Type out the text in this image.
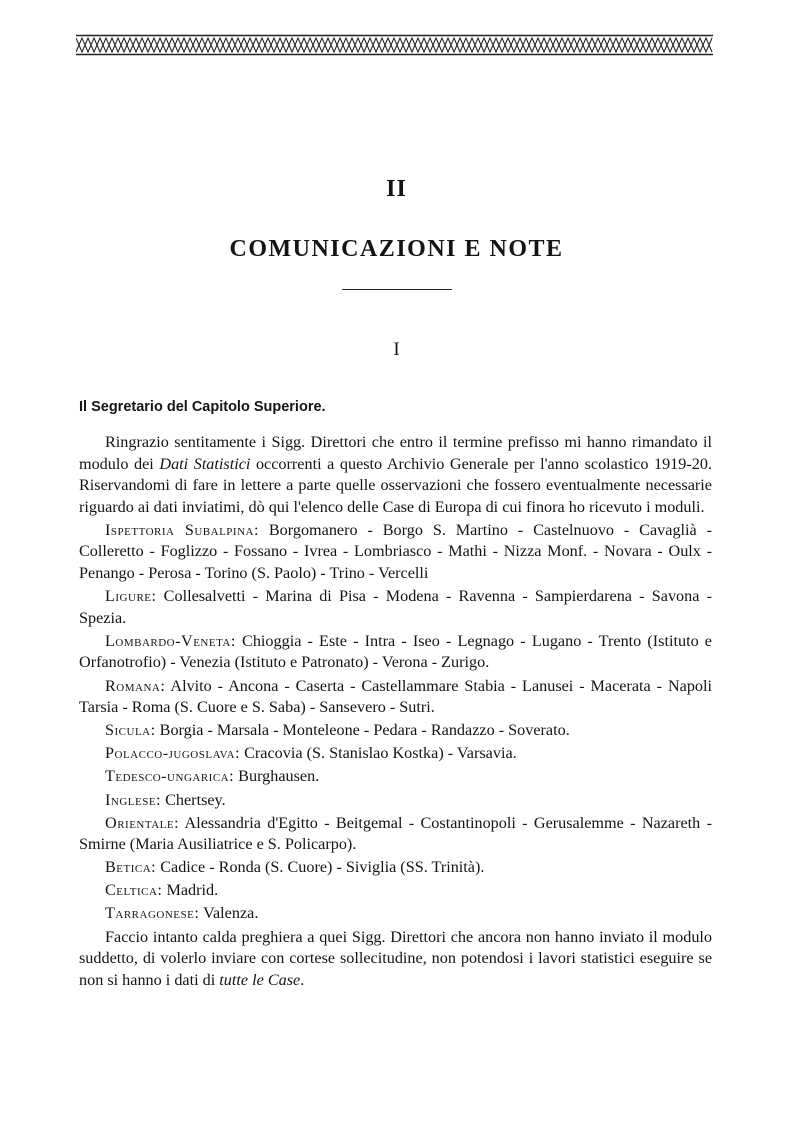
II
COMUNICAZIONI E NOTE
I
Il Segretario del Capitolo Superiore.

Ringrazio sentitamente i Sigg. Direttori che entro il termine prefisso mi hanno rimandato il modulo dei Dati Statistici occorrenti a questo Archivio Generale per l'anno scolastico 1919-20. Riservandomi di fare in lettere a parte quelle osservazioni che fossero eventualmente necessarie riguardo ai dati inviatimi, dò qui l'elenco delle Case di Europa di cui finora ho ricevuto i moduli.

Ispettoria Subalpina: Borgomanero - Borgo S. Martino - Castelnuovo - Cavaglià - Colleretto - Foglizzo - Fossano - Ivrea - Lombriasco - Mathi - Nizza Monf. - Novara - Oulx - Penango - Perosa - Torino (S. Paolo) - Trino - Vercelli

Ligure: Collesalvetti - Marina di Pisa - Modena - Ravenna - Sampierdarena - Savona - Spezia.

Lombardo-Veneta: Chioggia - Este - Intra - Iseo - Legnago - Lugano - Trento (Istituto e Orfanotrofio) - Venezia (Istituto e Patronato) - Verona - Zurigo.

Romana: Alvito - Ancona - Caserta - Castellammare Stabia - Lanusei - Macerata - Napoli Tarsia - Roma (S. Cuore e S. Saba) - Sansevero - Sutri.

Sicula: Borgia - Marsala - Monteleone - Pedara - Randazzo - Soverato.

Polacco-jugoslava: Cracovia (S. Stanislao Kostka) - Varsavia.

Tedesco-ungarica: Burghausen.

Inglese: Chertsey.

Orientale: Alessandria d'Egitto - Beitgemal - Costantinopoli - Gerusalemme - Nazareth - Smirne (Maria Ausiliatrice e S. Policarpo).

Betica: Cadice - Ronda (S. Cuore) - Siviglia (SS. Trinità).

Celtica: Madrid.

Tarragonese: Valenza.

Faccio intanto calda preghiera a quei Sigg. Direttori che ancora non hanno inviato il modulo suddetto, di volerlo inviare con cortese sollecitudine, non potendosi i lavori statistici eseguire se non si hanno i dati di tutte le Case.
